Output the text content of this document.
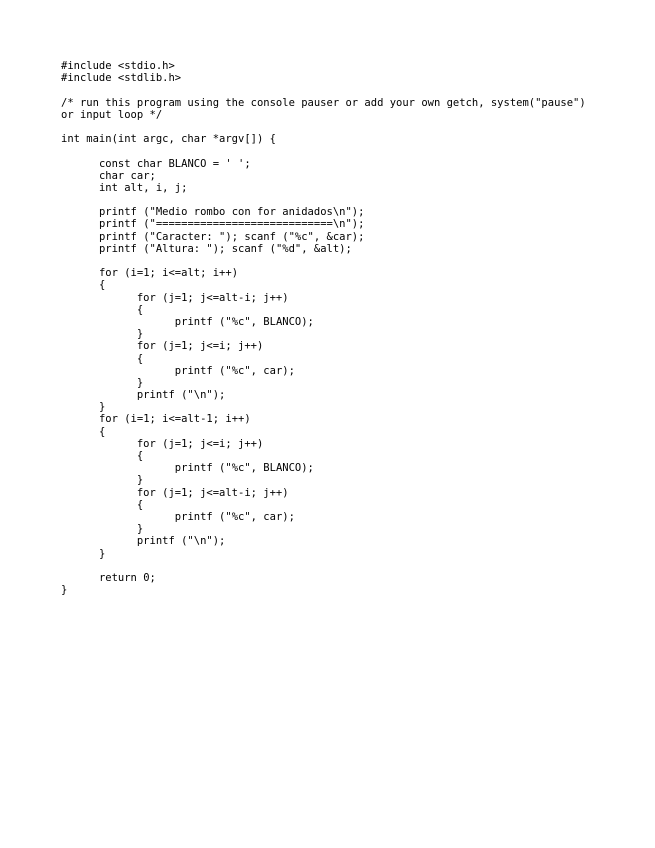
#include <stdio.h>
#include <stdlib.h>
/* run this program using the console pauser or add your own getch, system("pause")
or input loop */
int main(int argc, char *argv[]) {
	const char BLANCO = ' ';
	char car;
	int alt, i, j;
	printf ("Medio rombo con for anidados\n");
	printf ("============================\n");
	printf ("Caracter: "); scanf ("%c", &car);
	printf ("Altura: "); scanf ("%d", &alt);
	for (i=1; i<=alt; i++)
	{
		for (j=1; j<=alt-i; j++)
		{
			printf ("%c", BLANCO);
		}
		for (j=1; j<=i; j++)
		{
			printf ("%c", car);
		}
		printf ("\n");
	}
	for (i=1; i<=alt-1; i++)
	{
		for (j=1; j<=i; j++)
		{
			printf ("%c", BLANCO);
		}
		for (j=1; j<=alt-i; j++)
		{
			printf ("%c", car);
		}
		printf ("\n");
	}
	return 0;
}
